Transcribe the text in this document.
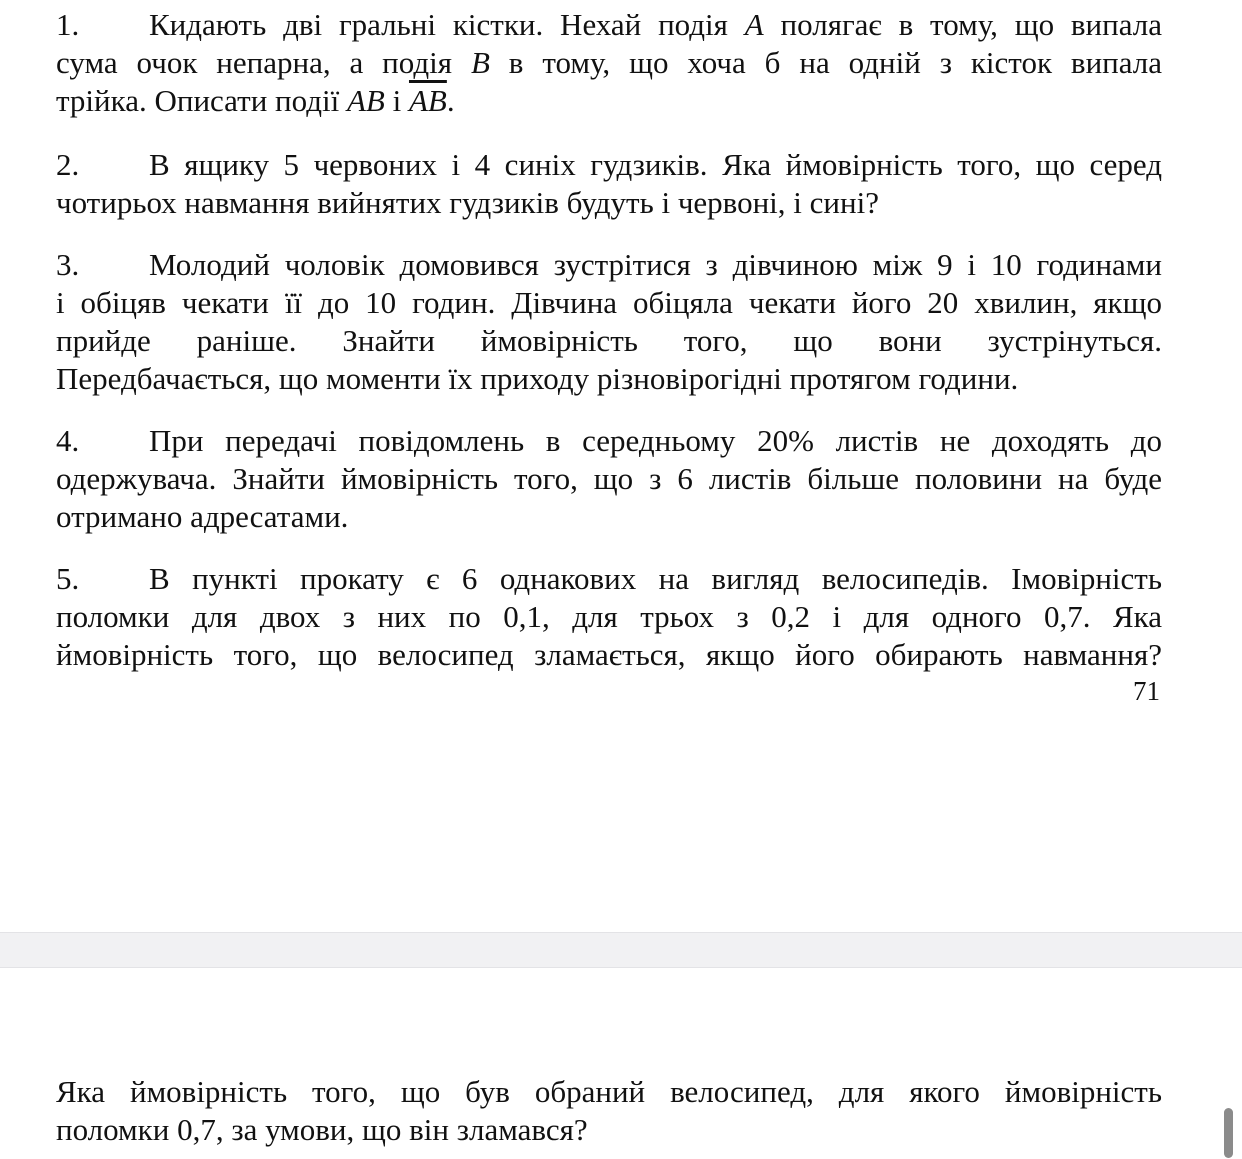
1. Кидають дві гральні кістки. Нехай подія A полягає в тому, що випала
сума очок непарна, а подія B в тому, що хоча б на одній з кісток випала
трійка. Описати події AB і $\overline{AB}$.
2. В ящику 5 червоних і 4 синіх гудзиків. Яка ймовірність того, що серед
чотирьох навмання вийнятих гудзиків будуть і червоні, і сині?
3. Молодий чоловік домовився зустрітися з дівчиною між 9 і 10 годинами
і обіцяв чекати її до 10 годин. Дівчина обіцяла чекати його 20 хвилин, якщо
прийде раніше. Знайти ймовірність того, що вони зустрінуться.
Передбачається, що моменти їх приходу різновірогідні протягом години.
4. При передачі повідомлень в середньому 20% листів не доходять до
одержувача. Знайти ймовірність того, що з 6 листів більше половини на буде
отримано адресатами.
5. В пункті прокату є 6 однакових на вигляд велосипедів. Імовірність
поломки для двох з них по 0,1, для трьох з 0,2 і для одного 0,7. Яка
ймовірність того, що велосипед зламається, якщо його обирають навмання?
71
Яка ймовірність того, що був обраний велосипед, для якого ймовірність
поломки 0,7, за умови, що він зламався?
